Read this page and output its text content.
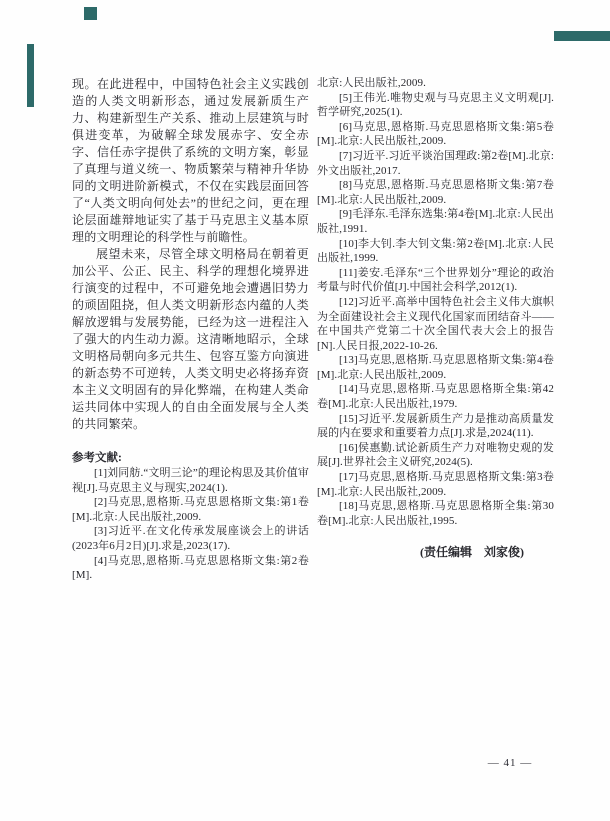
现。在此进程中，中国特色社会主义实践创造的人类文明新形态，通过发展新质生产力、构建新型生产关系、推动上层建筑与时俱进变革，为破解全球发展赤字、安全赤字、信任赤字提供了系统的文明方案，彰显了真理与道义统一、物质繁荣与精神升华协同的文明进阶新模式，不仅在实践层面回答了“人类文明向何处去”的世纪之问，更在理论层面雄辩地证实了基于马克思主义基本原理的文明理论的科学性与前瞻性。

展望未来，尽管全球文明格局在朝着更加公平、公正、民主、科学的理想化境界进行演变的过程中，不可避免地会遭遇旧势力的顽固阻挠，但人类文明新形态内蕴的人类解放逻辑与发展势能，已经为这一进程注入了强大的内生动力源。这清晰地昭示，全球文明格局朝向多元共生、包容互鉴方向演进的新态势不可逆转，人类文明史必将扬弃资本主义文明固有的异化弊端，在构建人类命运共同体中实现人的自由全面发展与全人类的共同繁荣。

参考文献:
[1]刘同舫.“文明三论”的理论构思及其价值审视[J].马克思主义与现实,2024(1).
[2]马克思,恩格斯.马克思恩格斯文集:第1卷[M].北京:人民出版社,2009.
[3]习近平.在文化传承发展座谈会上的讲话(2023年6月2日)[J].求是,2023(17).
[4]马克思,恩格斯.马克思恩格斯文集:第2卷[M].
北京:人民出版社,2009.
[5]王伟光.唯物史观与马克思主义文明观[J].哲学研究,2025(1).
[6]马克思,恩格斯.马克思恩格斯文集:第5卷[M].北京:人民出版社,2009.
[7]习近平.习近平谈治国理政:第2卷[M].北京:外文出版社,2017.
[8]马克思,恩格斯.马克思恩格斯文集:第7卷[M].北京:人民出版社,2009.
[9]毛泽东.毛泽东选集:第4卷[M].北京:人民出版社,1991.
[10]李大钊.李大钊文集:第2卷[M].北京:人民出版社,1999.
[11]姜安.毛泽东“三个世界划分”理论的政治考量与时代价值[J].中国社会科学,2012(1).
[12]习近平.高举中国特色社会主义伟大旗帜　为全面建设社会主义现代化国家而团结奋斗——在中国共产党第二十次全国代表大会上的报告[N].人民日报,2022-10-26.
[13]马克思,恩格斯.马克思恩格斯文集:第4卷[M].北京:人民出版社,2009.
[14]马克思,恩格斯.马克思恩格斯全集:第42卷[M].北京:人民出版社,1979.
[15]习近平.发展新质生产力是推动高质量发展的内在要求和重要着力点[J].求是,2024(11).
[16]侯惠勤.试论新质生产力对唯物史观的发展[J].世界社会主义研究,2024(5).
[17]马克思,恩格斯.马克思恩格斯文集:第3卷[M].北京:人民出版社,2009.
[18]马克思,恩格斯.马克思恩格斯全集:第30卷[M].北京:人民出版社,1995.
(责任编辑　刘家俊)
— 41 —
